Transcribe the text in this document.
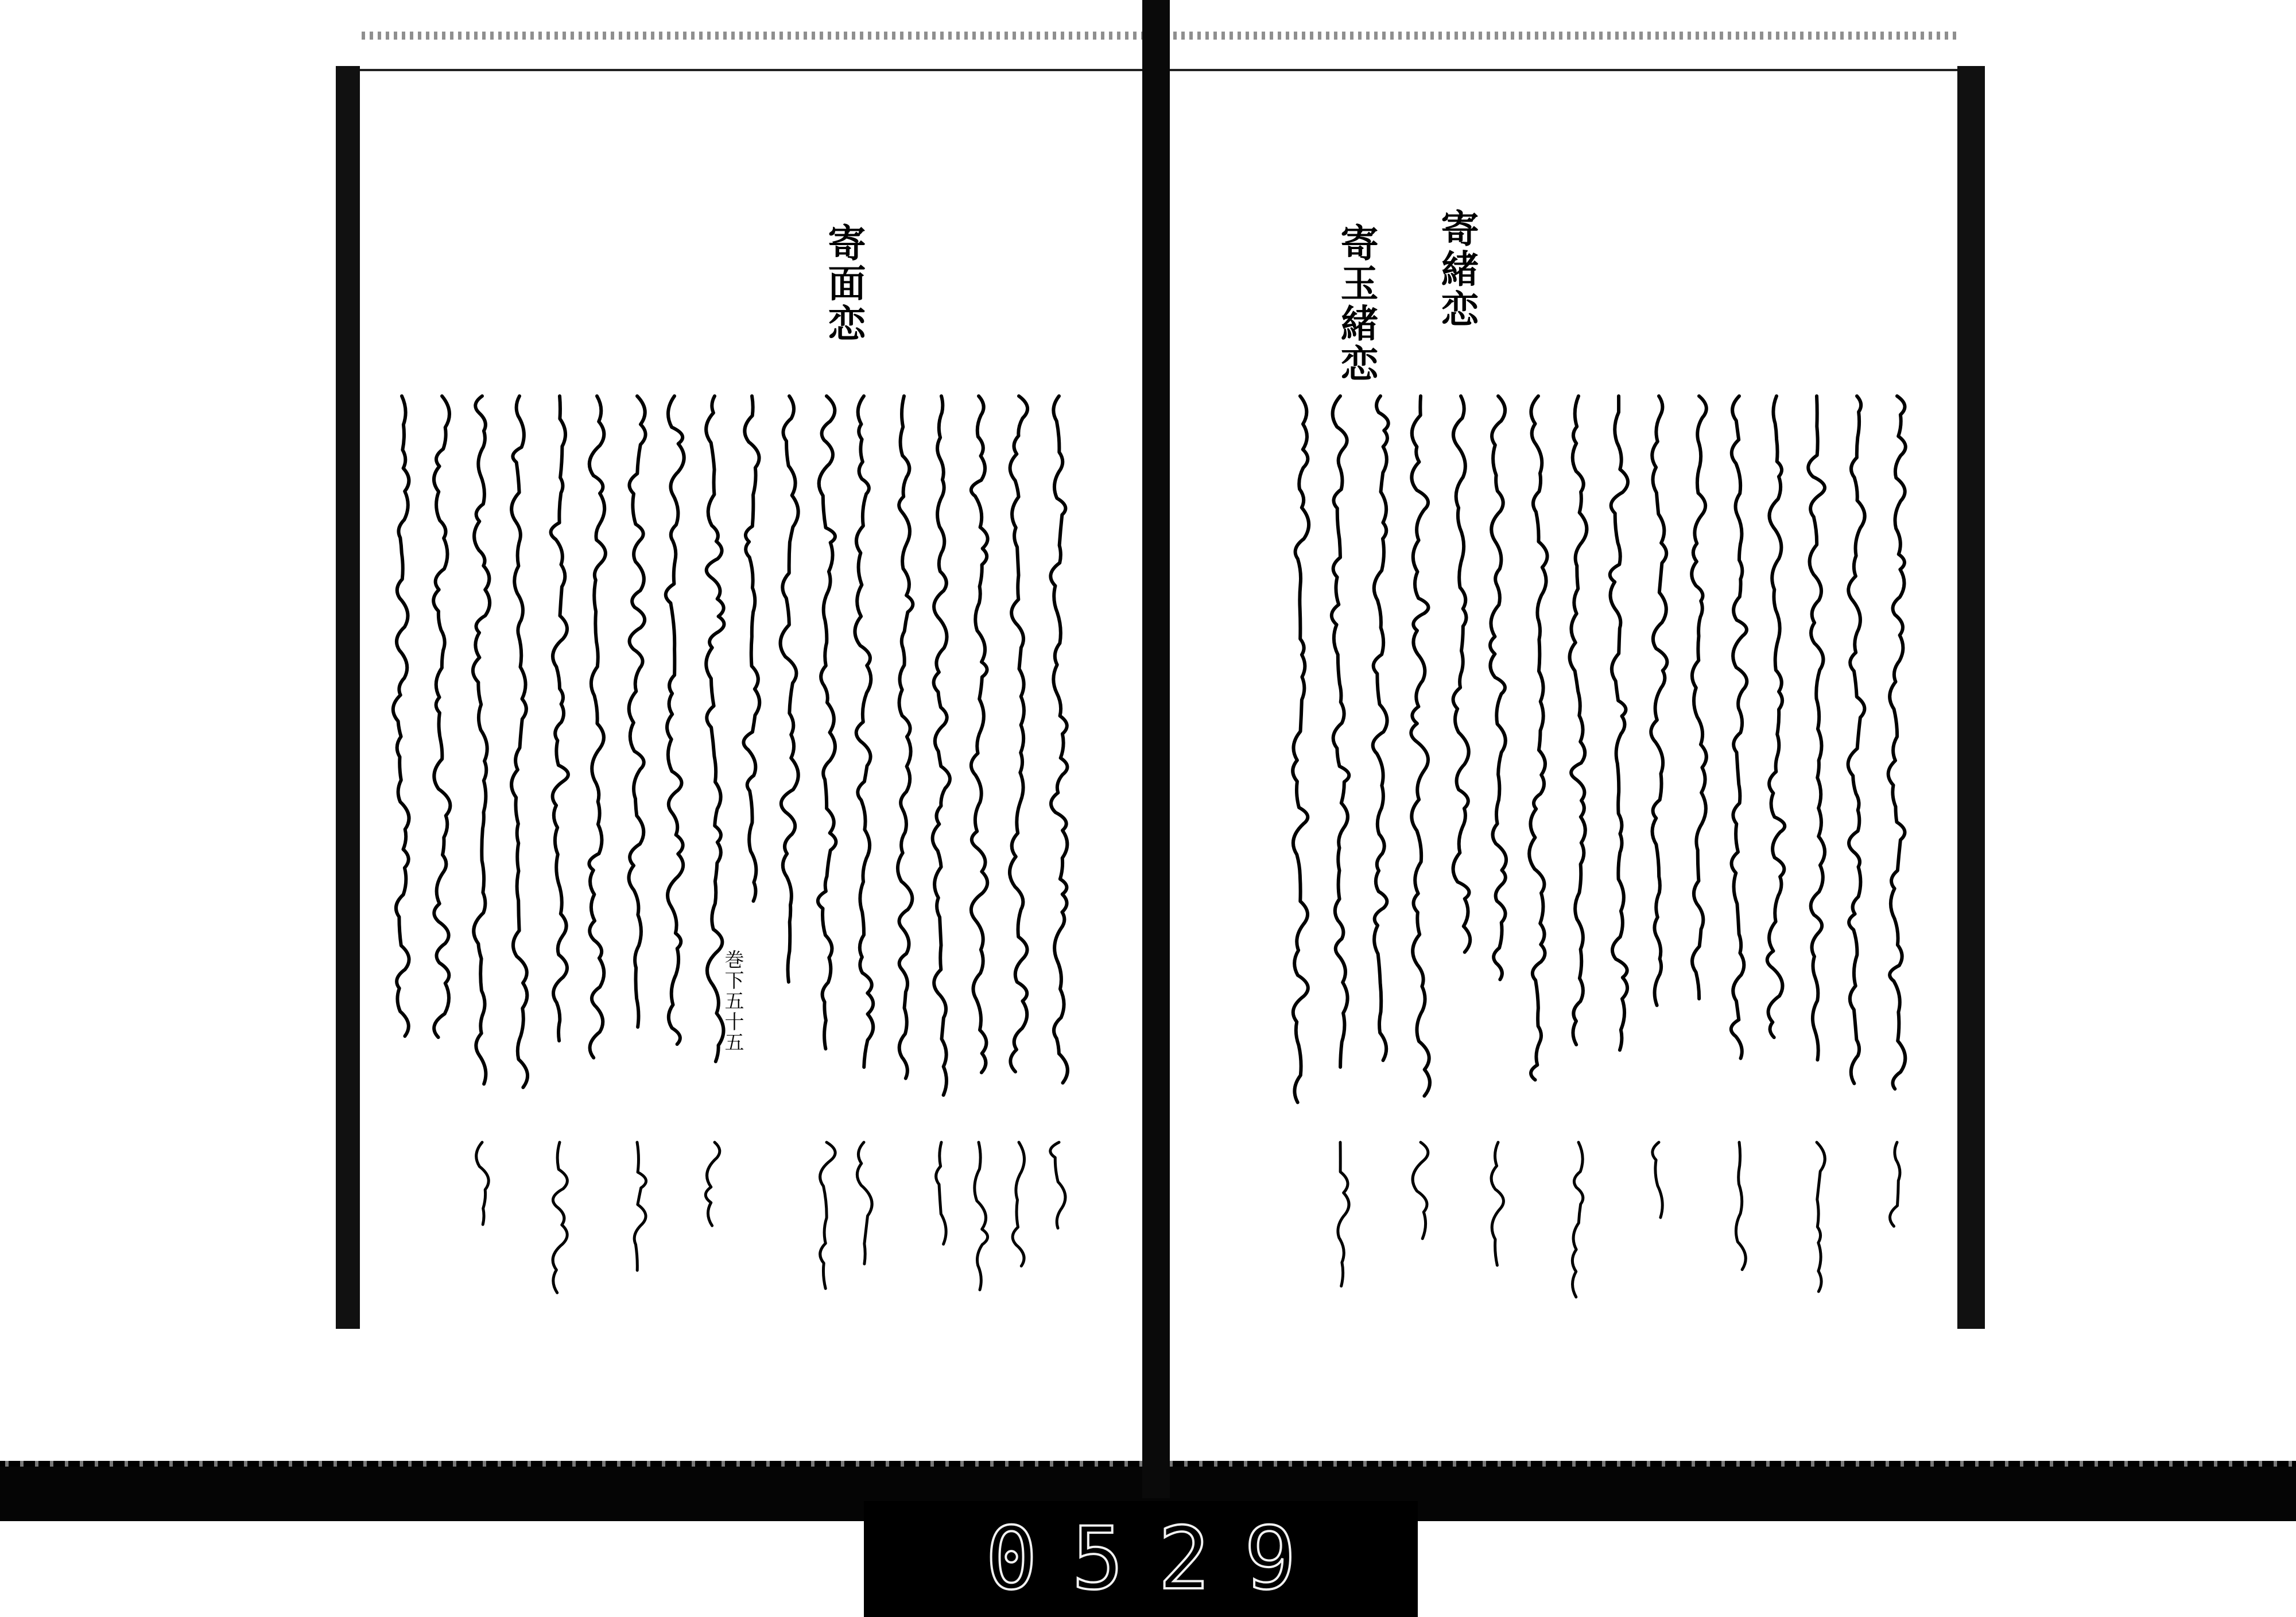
寄面恋
巻下五十五
寄緒恋
寄玉緒恋
0529
